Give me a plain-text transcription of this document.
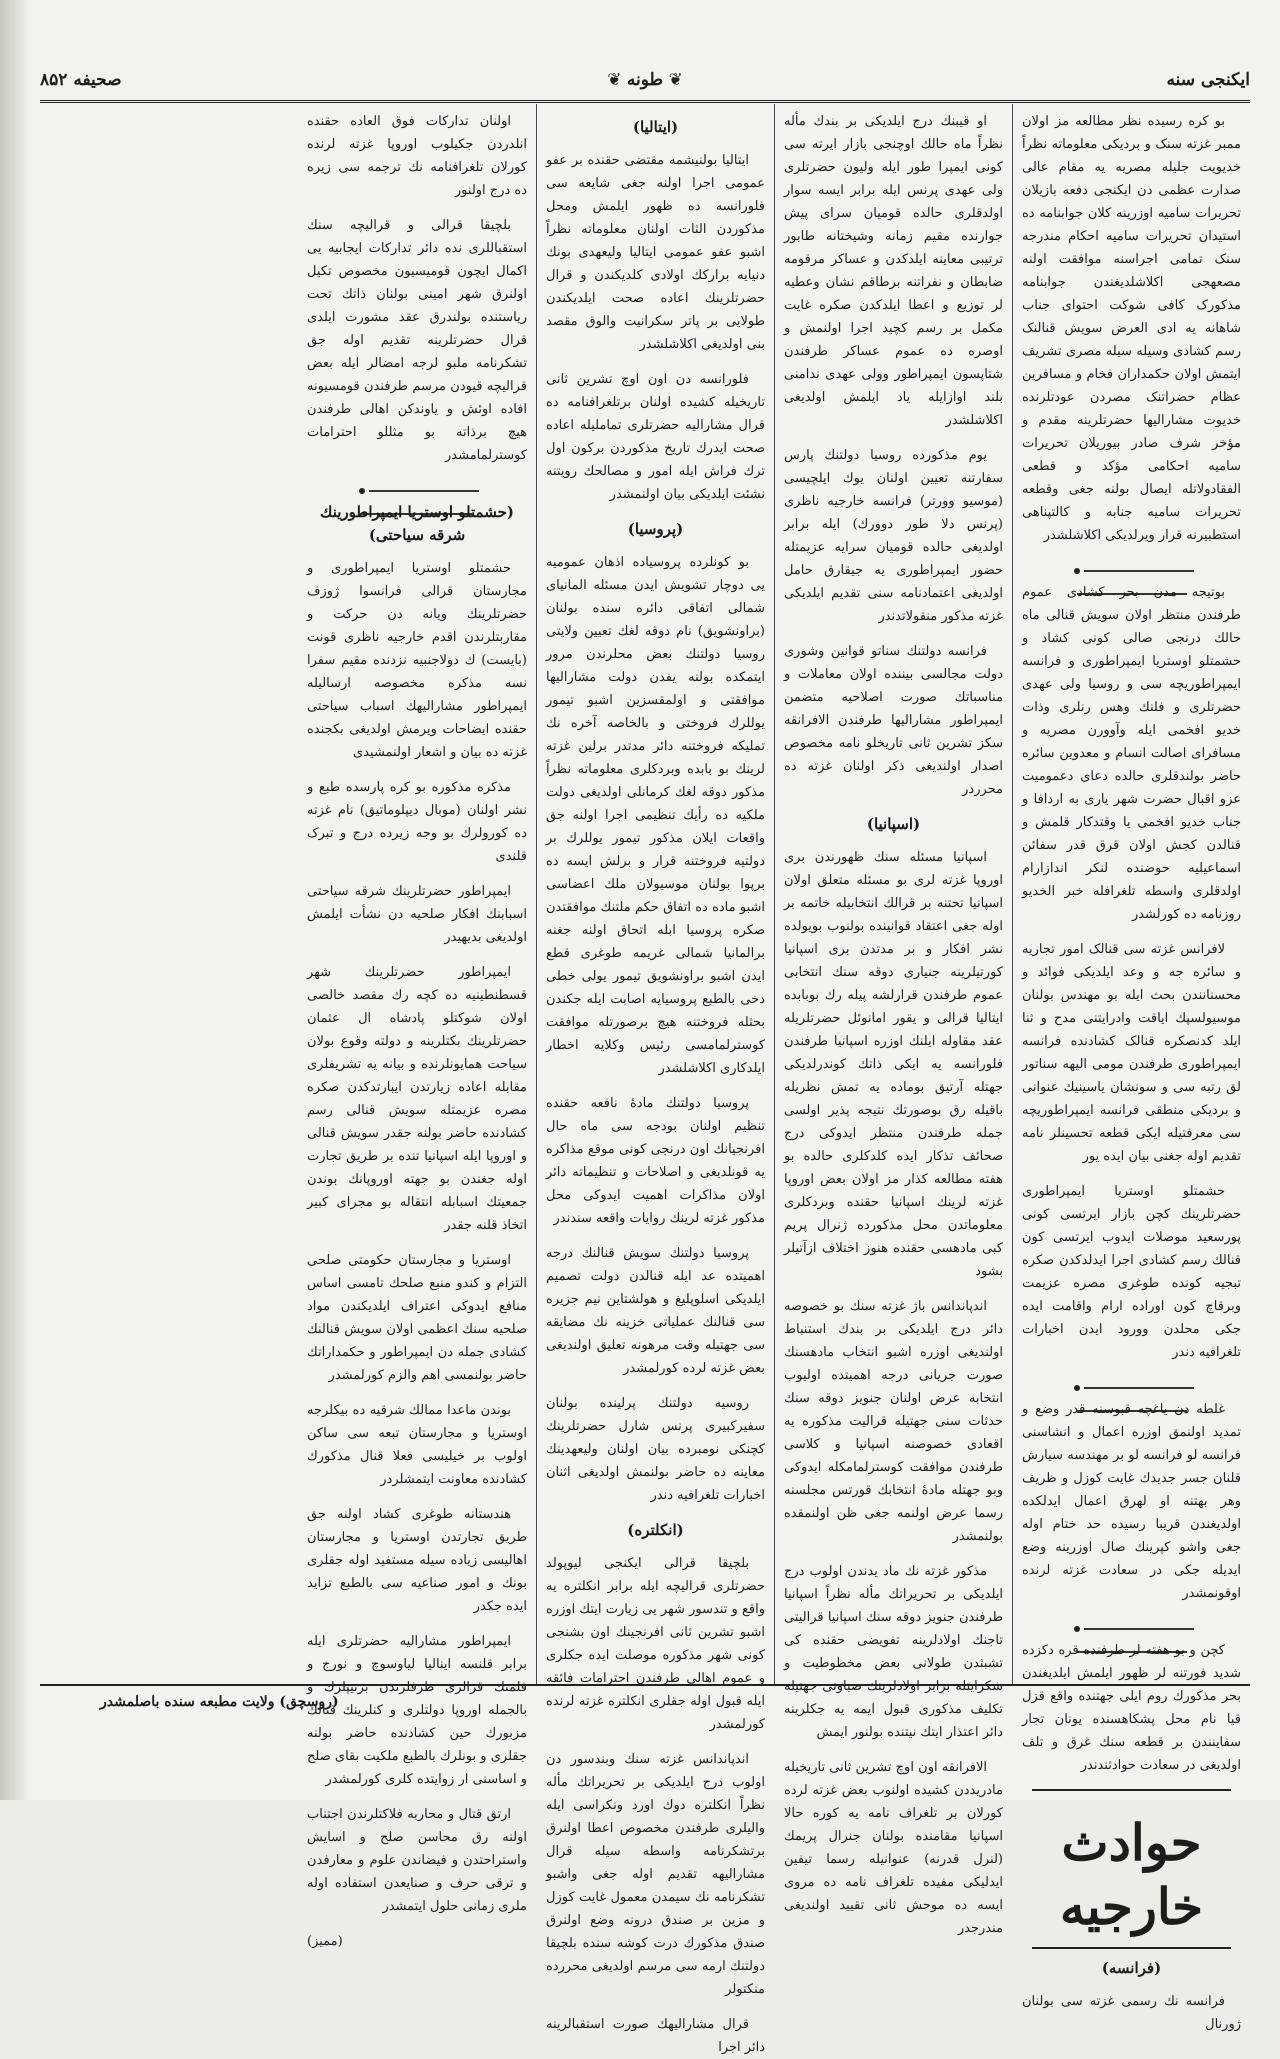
ایکنجی سنه
❦ طونه ❦
صحیفه ۸۵۲

بو کره رسیده نظر مطالعه مز اولان ممبر غزته سنک و بردیکی معلوماته نظراً خدیویت جلیله مصریه یه مقام عالی صدارت عظمی دن ایکنجی دفعه بازیلان تحریرات سامیه اوزرینه کلان جوابنامه ده استیدان تحریرات سامیه احکام مندرجه سنک تمامی اجراسنه موافقت اولنه مصعهجی اکلاشلدیغندن جوابنامه مذکورک کافی شوکت احتوای جناب شاهانه یه ادی العرض سویش قنالنک رسم کشادی وسیله سیله مصری تشریف ایتمش اولان حکمداران فخام و مسافرین عظام حضراتنک مصردن عودتلرنده خدیوت مشارالیها حضرتلرینه مقدم و مؤخر شرف صادر بیوریلان تحریرات سامیه احکامی مؤکد و قطعی الفقادولاتله ایصال بولنه جغی وقطعه تحریرات سامیه جنابه و کالتپناهی استطبیرنه قرار ویرلدیکی اکلاشلشدر

بوتیجه مدن بحر کشادی عموم طرفندن منتظر اولان سویش قنالی ماه حالك درنجی صالی کونی کشاد و حشمتلو اوستریا ایمپراطوری و فرانسه ایمپراطوریچه سی و روسیا ولی عهدی حضرتلری و فلنك وهس رنلری وذات خدیو افخمی ایله وآوورن مصریه و مسافرای اصالت انسام و معدوین سائره حاضر بولندقلری حالده دعای دعمومیت عزو اقبال حضرت شهر یاری به اردافا و جناب خدیو افخمی یا وقتدکار قلمش و قنالدن کجش اولان قرق قدر سفائن اسماعیلیه حوضنده لنکر اندازارام اولدقلری واسطه تلغرافله خبر الخدیو روزنامه ده کورلشدر

لافرانس غزته سی قنالک امور تجاریه و سائره جه و وعد ایلدیکی فوائد و محسنانندن بحث ایله بو مهندس بولنان موسیولسپك ایاقت وادرایتنی مدح و ثنا ایلد کدنصکره قنالک کشادنده فرانسه ایمپراطوری طرفندن مومی الیهه سناتور لق رتبه سی و سونشان یاسینیك عنوانی و بردیکی منطقی فرانسه ایمپراطوریچه سی معرفتیله ایکی قطعه تحسینلر نامه تقدیم اوله جغنی بیان ایده یور

حشمتلو اوستریا ایمپراطوری حضرتلرینك کچن بازار ایرتسی کونی پورسعید موصلات ایدوب ایرتسی کون قنالك رسم کشادی اجرا ایدلدکدن صکره تبجیه کونده طوغری مصره عزیمت وبرقاچ کون اوراده ارام واقامت ایده جکی محلدن وورود ایدن اخبارات تلغرافیه دندر

غلطه دن یاغچه قبوسنه قدر وضع و تمدید اولنمق اوزره اعمال و انشاسنی فرانسه لو فرانسه لو بر مهندسه سیارش قلنان جسر جدیدك غایت کوزل و ظریف وهر بهتنه او لهرق اعمال ایدلکده اولدیغندن قریبا رسیده حد ختام اوله جغی واشو کپرینك صال اوزرینه وضع ایدیله جکی در سعادت غزته لرنده اوقونمشدر

کچن و بو هفته لر طرفنده قره دکزده شدید فورتنه لر ظهور ایلمش ایلدیغندن بحر مذکورك روم ایلی جهتنده واقع قزل قیا نام محل پشکاهسنده یونان تجار سفاینندن بر قطعه سنك غرق و تلف اولدیغی در سعادت حوادثندندر

حوادث خارجیه
(فرانسه)

فرانسه نك رسمی غزته سی بولنان ژورنال

او قیبنك درج ایلدیکی بر بندك مأله نظراً ماه حالك اوچنجی بازار ایرته سی کونی ایمپرا طور ایله ولیون حضرتلری ولی عهدی پرنس ایله برابر ایسه سوار اولدقلری حالده قومیان سرای پیش جوارنده مقیم زمانه وشیختانه طابور ترتیبی معاینه ایلدکدن و عساکر مرقومه ضابطان و نفراتنه برطاقم نشان وعطیه لر توزیع و اعطا ایلدکدن صکره غایت مکمل بر رسم کچید اجرا اولنمش و اوصره ده عموم عساکر طرفندن شتاپسون ایمپراطور وولی عهدی ندامنی بلند اوازایله یاد ایلمش اولدیغی اکلاشلشدر

یوم مذکورده روسیا دولتنك پارس سفارتنه تعیین اولنان یوك ایلچیسی (موسیو وورتر) فرانسه خارجیه ناظری (پرنس دلا طور دوورك) ایله برابر اولدیغی حالده قومیان سرایه عزیمتله حضور ایمپراطوری یه جیقارق حامل اولدیغی اعتمادنامه سنی تقدیم ایلدیکی غزته مذکور منقولاتدندر

فرانسه دولتنك سناتو قوانین وشوری دولت مجالسی بیننده اولان معاملات و مناسباتك صورت اصلاحیه متضمن ایمپراطور مشارالیها طرفندن الافرانقه سکز تشرین ثانی تاریخلو نامه مخصوص اصدار اولندیغی ذکر اولنان غزته ده محرردر

(اسپانیا)

اسپانیا مسئله سنك ظهورندن بری اوروپا غزته لری بو مسئله متعلق اولان اسپانیا تحتنه بر قرالك انتخابیله خاتمه بر اوله جغی اعتقاد قوانینده بولنوب بویولده نشر افکار و بر مدتدن بری اسپانیا کورتیلرینه جنیاری دوقه سنك انتخابی عموم طرفندن قرارلشه پیله رك بوبابده ایتالیا قرالی و یقور امانوئل حضرتلریله عقد مقاوله ایلنك اوزره اسپانیا طرفندن فلورانسه یه ایکی ذاتك کوندرلدیکی جهتله آرتیق بوماده یه تمش نظریله باقیله رق بوصورتك نتیجه پذیر اولسی جمله طرفندن منتظر ایدوکی درج صحائف تذکار ایده کلدکلری حالده بو هفته مطالعه کذار مز اولان بعض اوروپا غزته لرینك اسپانیا حقنده وبردکلری معلوماتدن محل مذکورده ژنرال پریم کبی مادهسی حقنده هنوز اختلاف ازآتیلر بشود

اندپاندانس باژ غزته سنك بو خصوصه دائر درج ایلدیکی بر بندك استنباط اولندیغی اوزره اشبو انتخاب مادهسنك صورت جریانی درجه اهمیتده اولیوب انتخابه عرض اولنان جنویز دوقه سنك حدثات سنی جهتیله قرالیت مذکوره یه اقعادی خصوصنه اسپانیا و کلاسی طرفندن موافقت کوسترلمامکله ایدوکی وبو جهتله مادهٔ انتخابك قورتس مجلسنه رسما عرض اولنمه جغی ظن اولنمقده بولنمشدر

مذکور غزته نك ماد یدندن اولوب درج ایلدیکی بر تحریراتك مأله نظراً اسپانیا طرفندن جنویز دوقه سنك اسپانیا قرالیتی تاجنك اولادلرینه تفویضی حقنده کی تشبثدن طولانی بعض مخطوطیت و شکرایتله برابر اولادلرینك صباوتی جهتیله تکلیف مذکوری قبول ایمه یه جکلرینه دائر اعتذار ایتك نیتنده بولنور ایمش

الافرانقه اون اوچ تشرین ثانی تاریخیله مادریددن کشیده اولنوب بعض غزته لرده کورلان بر تلغراف نامه یه کوره حالا اسپانیا مقامنده بولنان جنرال پریمك (لنرل قدرنه) عنوانیله رسما تیفین ایدلیکی مفیده تلغراف نامه ده مروی ایسه ده موحش ثانی تقیید اولندیغی مندرجدر

(ایتالیا)

ایتالیا بولنیشمه مقتضی حقنده بر عفو عمومی اجرا اولنه جغی شایعه سی فلورانسه ده ظهور ایلمش ومحل مذکوردن الثات اولنان معلوماته نظراً اشبو عفو عمومی ایتالیا ولیعهدی بونك دنیایه برارکك اولادی کلدیکندن و قرال حضرتلرینك اعاده صحت ایلدیکندن طولایی بر پاتر سکرانیت والوق مقصد بنی اولدیغی اکلاشلشدر

فلورانسه دن اون اوچ تشرین ثانی تاریخیله کشیده اولنان برتلغرافنامه ده قرال مشارالیه حضرتلری تماملیله اعاده صحت ایدرك تاریخ مذکوردن برکون اول ترك فراش ایله امور و مصالحك رویتنه نشئت ایلدیکی بیان اولنمشدر

(پروسیا)

بو کونلرده پروسیاده اذهان عمومیه یی دوچار تشویش ایدن مسئله المانیای شمالی اتفاقی دائره سنده بولنان (براونشویق) نام دوقه لغك تعیین ولایتی روسیا دولتنك بعض محلرندن مرور ایتمکده بولنه یفدن دولت مشارالیها موافقتی و اولمقسزین اشبو تیمور یوللرك فروختی و بالخاصه آخره نك تملیکه فروختنه دائر مدتدر برلین غزته لرینك بو بابده وبردکلری معلوماته نظراً مذکور دوقه لغك کرمانلی اولدیغی دولت ملکیه ده رأیك تنظیمی اجرا اولنه جق واقعات ایلان مذکور تیمور یوللرك بر دولتیه فروختنه قرار و برلش ایسه ده برپوا بولنان موسیولان ملك اعضاسی اشبو ماده ده اتفاق حکم ملتنك موافقتدن صکره پروسیا ابله اتحاق اولنه جغنه برالمانیا شمالی غریمه طوغری قطع ایدن اشبو براونشویق تیمور یولی خطی دخی بالطبع پروسیایه اصابت ایله جکندن بحثله فروختنه هیچ برصورتله موافقت کوسترلمامسی رئیس وکلایه اخطار ایلدکاری اکلاشلشدر

پروسیا دولتنك مادهٔ نافعه حقنده تنظیم اولنان بودجه سی ماه حال افرنجیانك اون درنجی کونی موقع مذاکره یه قونلدیغی و اصلاحات و تنظیماته دائر اولان مذاکرات اهمیت ایدوکی محل مذکور غزته لرینك روایات واقعه سندندر

پروسیا دولتنك سویش قنالنك درجه اهمیتده عد ایله قنالدن دولت تصمیم ایلدیکی اسلوپلیغ و هولشتاین نیم جزیره سی قنالنك عملیاتی خزینه نك مضایقه سی جهتیله وقت مرهونه تعلیق اولندیغی بعض غزته لرده کورلمشدر

روسیه دولتنك پرلینده بولنان سفیرکبیری پرنس شارل حضرتلرینك کچنکی نومبرده بیان اولنان ولیعهدینك معاینه ده حاضر بولنمش اولدیغی اثنان اخبارات تلغرافیه دندر

(انکلتره)

بلچیقا قرالی ایکنجی لیوپولد حضرتلری قرالیچه ایله برابر انکلتره یه واقع و تندسور شهر یی زیارت ایتك اوزره اشبو تشرین ثانی افرنجینك اون بشنجی کونی شهر مذکوره موصلت ایده جکلری و عموم اهالی طرفندن احترامات فائقه ایله قبول اوله جقلری انکلتره غزته لرنده کورلمشدر

اندپاندانس غزته سنك وبندسور دن اولوب درج ایلدیکی بر تحریراتك مأله نظراً انکلتره دوك اورد ونکراسی ایله والیلری طرفندن مخصوص اعطا اولنرق برتشکرنامه واسطه سیله قرال مشارالیهه تقدیم اوله جغی واشبو تشکرنامه نك سیمدن معمول غایت کوزل و مزین بر صندق درونه وضع اولنرق صندق مذکورك درت کوشه سنده بلچیقا دولتنك ارمه سی مرسم اولدیغی محررده منکتولر

قرال مشارالیهك صورت استقبالرینه دائر اجرا

اولنان تدارکات فوق العاده حقنده انلدردن جکیلوب اوروپا غزته لرنده کورلان تلغرافنامه نك ترجمه سی زیره ده درج اولنور

بلچیقا قرالی و قرالیچه سنك استقباللری نده دائر تدارکات ایجابیه یی اکمال ایچون قومیسیون مخصوص تکیل اولنرق شهر امینی بولنان ذاتك تحت ریاستنده بولندرق عقد مشورت ایلدی قرال حضرتلرینه تقدیم اوله جق تشکرنامه ملبو لرجه امضالر ایله بعض قرالیچه قیودن مرسم طرفندن قومسیونه افاده اوئش و یاوندکن اهالی طرفندن هیچ برذاته بو مثللو احترامات کوسترلمامشدر

(حشمتلو اوستریا ایمپراطورینك شرقه سیاحتی)

حشمتلو اوستریا ایمپراطوری و مجارستان قرالی فرانسوا ژوزف حضرتلرینك ویانه دن حرکت و مقاربتلرندن اقدم خارجیه ناظری قونت (بایست) ك دولاجنبیه نزدنده مقیم سفرا نسه مذکره مخصوصه ارسالیله ایمپراطور مشارالیهك اسباب سیاحتی حقنده ایضاحات ویرمش اولدیغی بکجنده غزته ده بیان و اشعار اولنمشیدی

مذکره مذکوره بو کره پارسده طبع و نشر اولنان (موبال دیپلوماتیق) نام غزته ده کورولرك بو وجه زیرده درج و تبرک قلندی

ایمپراطور حضرتلرینك شرقه سیاحتی اسبابنك افکار صلحیه دن نشأت ایلمش اولدیغی بدیهیدر

ایمپراطور حضرتلرینك شهر قسطنطینیه ده کچه رك مقصد خالصی اولان شوکتلو پادشاه ال عثمان حضرتلرینك بکتلرینه و دولته وقوع بولان سیاحت همایونلرنده و بیانه یه تشریفلری مقابله اعاده زیارتدن ایبارتدکدن صکره مصره عزیمتله سویش قنالی رسم کشادنده حاضر بولنه جقدر سویش قنالی و اوروپا ایله اسپانیا تنده بر طریق تجارت اوله جغندن بو جهته اوروپانك بوندن جمعیتك اسبابله انتقاله بو مجرای کبیر اتخاذ قلنه جقدر

اوستریا و مجارستان حکومتی صلحی التزام و کندو منبع صلحك تامسی اساس منافع ایدوکی اعتراف ایلدیکندن مواد صلحیه سنك اعظمی اولان سویش قنالنك کشادی جمله دن ایمپراطور و حکمداراتك حاضر بولنمسی اهم والزم کورلمشدر

بوندن ماعدا ممالك شرقیه ده بیکلرجه اوستریا و مجارستان تبعه سی ساکن اولوب بر خیلیسی فعلا قنال مذکورك کشادنده معاونت ایتمشلردر

هندستانه طوغری کشاد اولنه جق طریق تجارتدن اوستریا و مجارستان اهالیسی زیاده سیله مستفید اوله جقلری بونك و امور صناعیه سی بالطبع تزاید ایده جکدر

ایمپراطور مشارالیه حضرتلری ایله برابر قلنسه اینالیا لیاوسوچ و نورج و فلمنك قرالری طرفلرندن برتیپلرك و بالجمله اوروپا دولتلری و کنلرینك قنالك مزبورك حین کشادنده حاضر بولنه جقلری و بونلرك بالطبع ملکیت بقای صلح و اساسنی ار زوایتده کلری کورلمشدر

ارتق قتال و محاربه فلاکتلرندن اجتناب اولنه رق محاسن صلح و اسایش واستراحتدن و فیضاندن علوم و معارفدن و ترقی حرف و صنایعدن استفاده اوله ملری زمانی حلول ایتمشدر

(ممیز)
(روسچق) ولایت مطبعه سنده باصلمشدر
